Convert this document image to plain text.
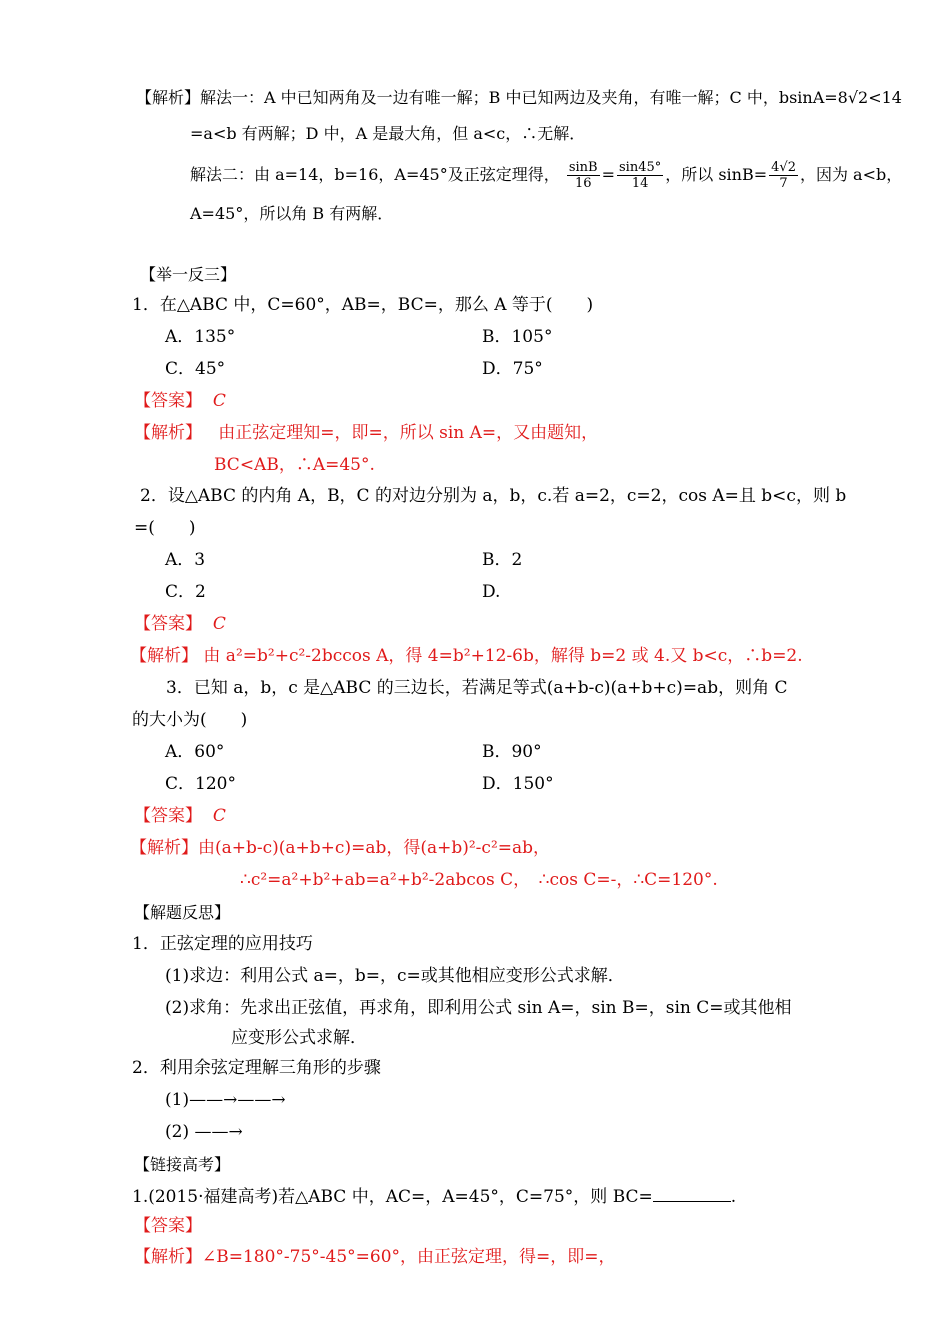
【解析】解法一：A 中已知两角及一边有唯一解；B 中已知两边及夹角，有唯一解；C 中，bsinA=8√2<14
=a<b 有两解；D 中，A 是最大角，但 a<c，∴无解．
解法二：由 a=14，b=16，A=45°及正弦定理得， $\frac{\sin B}{16} = \frac{\sin 45^\circ}{14}$ ，所以 $\sin B= \frac{4√2}{7}$ ，因为 a<b，
A=45°，所以角 B 有两解．
【举一反三】
1．在△ABC 中，C=60°，AB=，BC=，那么 A 等于(　　)
A．135°	B．105°
C．45°	D．75°
【答案】 C
【解析】 由正弦定理知=，即=，所以 sin A=，又由题知，
BC<AB，∴A=45°.
2．设△ABC 的内角 A，B，C 的对边分别为 a，b，c.若 a=2，c=2，cos A=且 b<c，则 b
=(　　)
A．3	B．2
C．2	D.
【答案】 C
【解析】 由 a²=b²+c²-2bccos A，得 4=b²+12-6b，解得 b=2 或 4.又 b<c，∴b=2.
3．已知 a，b，c 是△ABC 的三边长，若满足等式(a+b-c)(a+b+c)=ab，则角 C
的大小为(　　)
A．60°	B．90°
C．120°	D．150°
【答案】 C
【解析】由(a+b-c)(a+b+c)=ab，得(a+b)²-c²=ab，
∴c²=a²+b²+ab=a²+b²-2abcos C，　∴cos C=-，∴C=120°.
【解题反思】
1．正弦定理的应用技巧
(1)求边：利用公式 a=，b=，c=或其他相应变形公式求解．
(2)求角：先求出正弦值，再求角，即利用公式 sin A=，sin B=，sin C=或其他相
应变形公式求解．
2．利用余弦定理解三角形的步骤
(1)——→——→
(2) ——→
【链接高考】
1.(2015·福建高考)若△ABC 中，AC=，A=45°，C=75°，则 BC=	.
【答案】
【解析】∠B=180°-75°-45°=60°，由正弦定理，得=，即=，
